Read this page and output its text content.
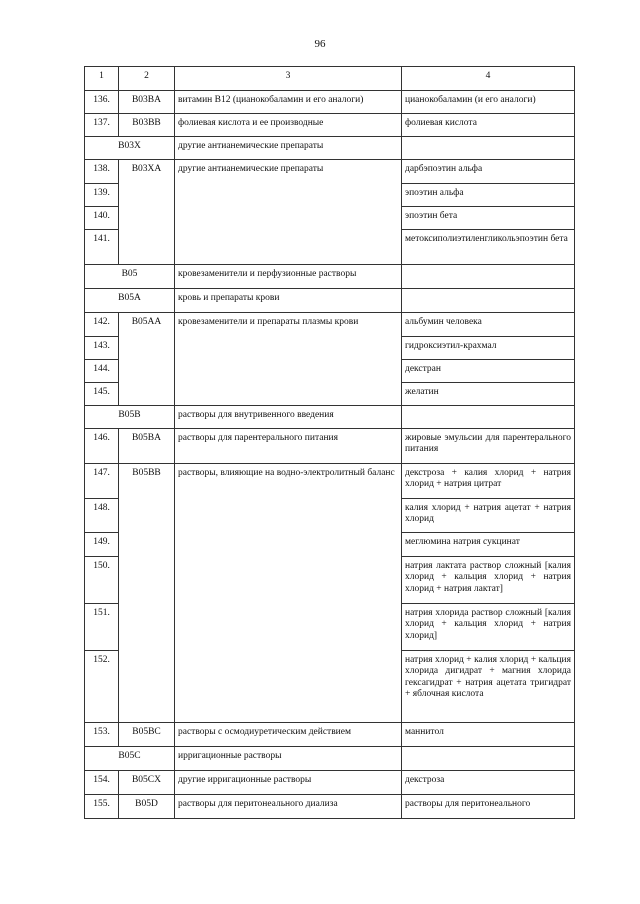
96
1	2	3	4
136.	B03BA	витамин B12 (цианокобаламин и его аналоги)	цианокобаламин (и его аналоги)
137.	B03BB	фолиевая кислота и ее производные	фолиевая кислота
B03X		другие антианемические препараты	
138.	B03XA	другие антианемические препараты	дарбэпоэтин альфа
139.			эпоэтин альфа
140.			эпоэтин бета
141.			метоксиполиэтиленгликольэпоэтин бета
B05		кровезаменители и перфузионные растворы	
B05A		кровь и препараты крови	
142.	B05AA	кровезаменители и препараты плазмы крови	альбумин человека
143.			гидроксиэтил-крахмал
144.			декстран
145.			желатин
B05B		растворы для внутривенного введения	
146.	B05BA	растворы для парентерального питания	жировые эмульсии для парентерального питания
147.	B05BB	растворы, влияющие на водно-электролитный баланс	декстроза + калия хлорид + натрия хлорид + натрия цитрат
148.			калия хлорид + натрия ацетат + натрия хлорид
149.			меглюмина натрия сукцинат
150.			натрия лактата раствор сложный [калия хлорид + кальция хлорид + натрия хлорид + натрия лактат]
151.			натрия хлорида раствор сложный [калия хлорид + кальция хлорид + натрия хлорид]
152.			натрия хлорид + калия хлорид + кальция хлорида дигидрат + магния хлорида гексагидрат + натрия ацетата тригидрат + яблочная кислота
153.	B05BC	растворы с осмодиуретическим действием	маннитол
B05C		ирригационные растворы	
154.	B05CX	другие ирригационные растворы	декстроза
155.	B05D	растворы для перитонеального диализа	растворы для перитонеального
